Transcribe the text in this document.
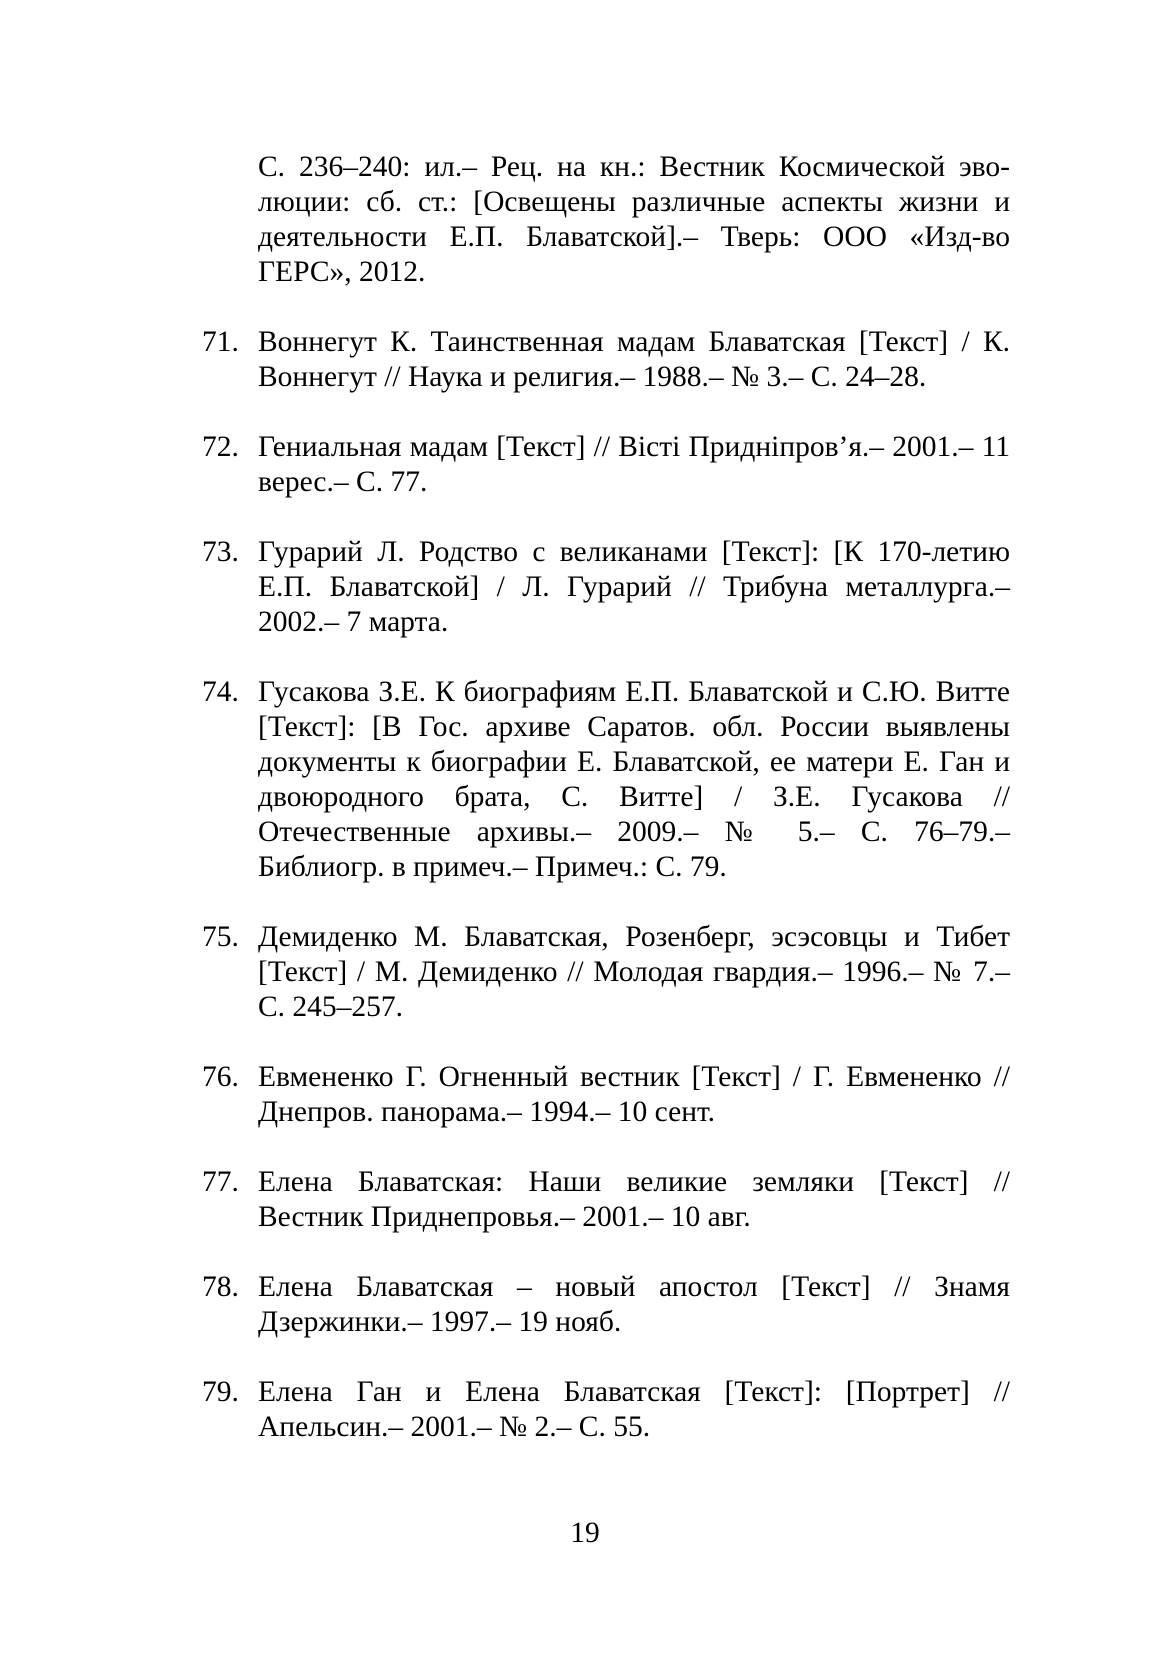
С. 236–240: ил.– Рец. на кн.: Вестник Космической эволюции: сб. ст.: [Освещены различные аспекты жизни и деятельности Е.П. Блаватской].– Тверь: ООО «Изд-во ГЕРС», 2012.
71. Воннегут К. Таинственная мадам Блаватская [Текст] / К. Воннегут // Наука и религия.– 1988.– № 3.– С. 24–28.
72. Гениальная мадам [Текст] // Вiстi Придніпров’я.– 2001.– 11 верес.– С. 77.
73. Гурарий Л. Родство с великанами [Текст]: [К 170-летию Е.П. Блаватской] / Л. Гурарий // Трибуна металлурга.– 2002.– 7 марта.
74. Гусакова З.Е. К биографиям Е.П. Блаватской и С.Ю. Витте [Текст]: [В Гос. архиве Саратов. обл. России выявлены документы к биографии Е. Блаватской, ее матери Е. Ган и двоюродного брата, С. Витте] / З.Е. Гусакова // Отечественные архивы.– 2009.– № 5.– С. 76–79.– Библиогр. в примеч.– Примеч.: С. 79.
75. Демиденко М. Блаватская, Розенберг, эсэсовцы и Тибет [Текст] / М. Демиденко // Молодая гвардия.– 1996.– № 7.– С. 245–257.
76. Евмененко Г. Огненный вестник [Текст] / Г. Евмененко // Днепров. панорама.– 1994.– 10 сент.
77. Елена Блаватская: Наши великие земляки [Текст] // Вестник Приднепровья.– 2001.– 10 авг.
78. Елена Блаватская – новый апостол [Текст] // Знамя Дзержинки.– 1997.– 19 нояб.
79. Елена Ган и Елена Блаватская [Текст]: [Портрет] // Апельсин.– 2001.– № 2.– С. 55.
19
